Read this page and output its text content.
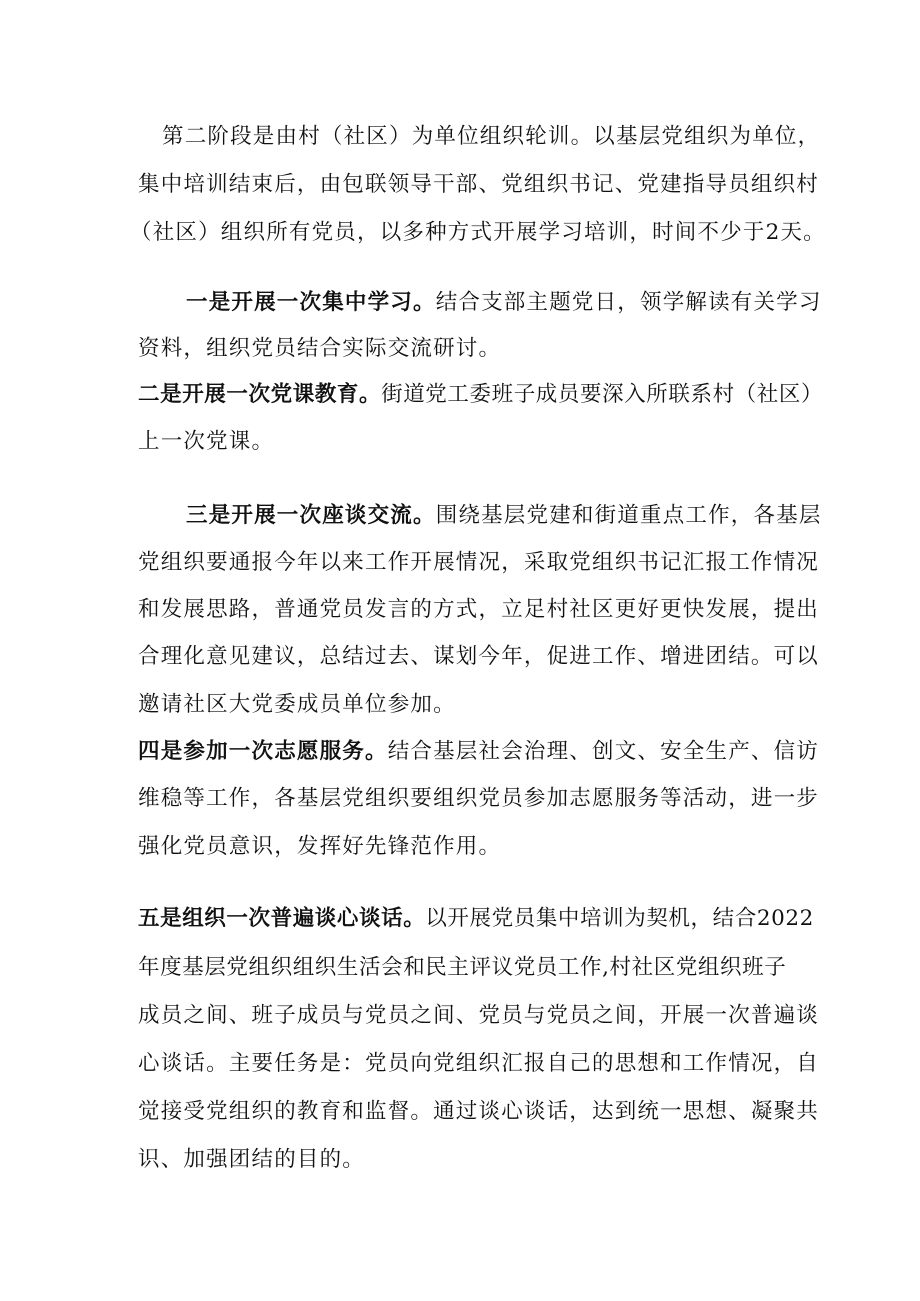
第二阶段是由村（社区）为单位组织轮训。以基层党组织为单位，
集中培训结束后，由包联领导干部、党组织书记、党建指导员组织村
（社区）组织所有党员，以多种方式开展学习培训，时间不少于2天。
一是开展一次集中学习。结合支部主题党日，领学解读有关学习
资料，组织党员结合实际交流研讨。
二是开展一次党课教育。街道党工委班子成员要深入所联系村（社区）
上一次党课。
三是开展一次座谈交流。围绕基层党建和街道重点工作，各基层
党组织要通报今年以来工作开展情况，采取党组织书记汇报工作情况
和发展思路，普通党员发言的方式，立足村社区更好更快发展，提出
合理化意见建议，总结过去、谋划今年，促进工作、增进团结。可以
邀请社区大党委成员单位参加。
四是参加一次志愿服务。结合基层社会治理、创文、安全生产、信访
维稳等工作，各基层党组织要组织党员参加志愿服务等活动，进一步
强化党员意识，发挥好先锋范作用。
五是组织一次普遍谈心谈话。以开展党员集中培训为契机，结合2022
年度基层党组织组织生活会和民主评议党员工作,村社区党组织班子
成员之间、班子成员与党员之间、党员与党员之间，开展一次普遍谈
心谈话。主要任务是：党员向党组织汇报自己的思想和工作情况，自
觉接受党组织的教育和监督。通过谈心谈话，达到统一思想、凝聚共
识、加强团结的目的。
